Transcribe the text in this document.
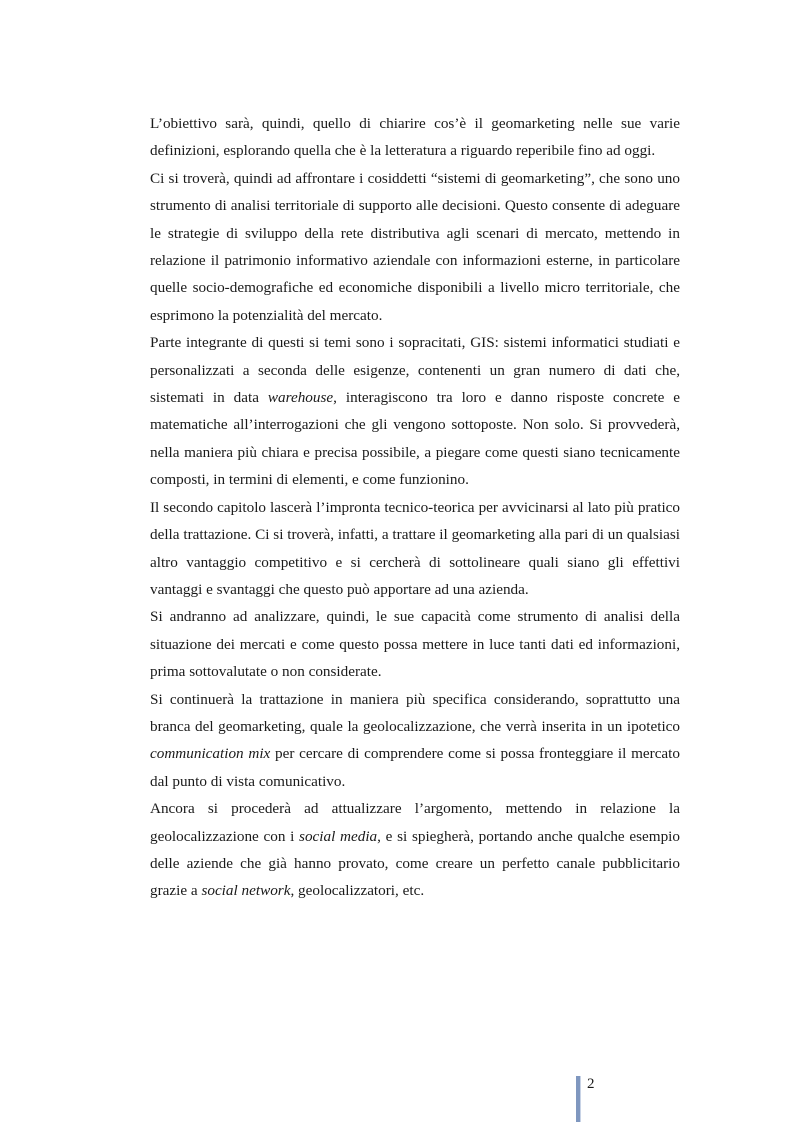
L’obiettivo sarà, quindi, quello di chiarire cos’è il geomarketing nelle sue varie definizioni, esplorando quella che è la letteratura a riguardo reperibile fino ad oggi.

Ci si troverà, quindi ad affrontare i cosiddetti “sistemi di geomarketing”, che sono uno strumento di analisi territoriale di supporto alle decisioni. Questo consente di adeguare le strategie di sviluppo della rete distributiva agli scenari di mercato, mettendo in relazione il patrimonio informativo aziendale con informazioni esterne, in particolare quelle socio-demografiche ed economiche disponibili a livello micro territoriale, che esprimono la potenzialità del mercato.

Parte integrante di questi si temi sono i sopracitati, GIS: sistemi informatici studiati e personalizzati a seconda delle esigenze, contenenti un gran numero di dati che, sistemati in data warehouse, interagiscono tra loro e danno risposte concrete e matematiche all’interrogazioni che gli vengono sottoposte. Non solo. Si provvederà, nella maniera più chiara e precisa possibile, a piegare come questi siano tecnicamente composti, in termini di elementi, e come funzionino.

Il secondo capitolo lascerà l’impronta tecnico-teorica per avvicinarsi al lato più pratico della trattazione. Ci si troverà, infatti, a trattare il geomarketing alla pari di un qualsiasi altro vantaggio competitivo e si cercherà di sottolineare quali siano gli effettivi vantaggi e svantaggi che questo può apportare ad una azienda.

Si andranno ad analizzare, quindi, le sue capacità come strumento di analisi della situazione dei mercati e come questo possa mettere in luce tanti dati ed informazioni, prima sottovalutate o non considerate.

Si continuerà la trattazione in maniera più specifica considerando, soprattutto una branca del geomarketing, quale la geolocalizzazione, che verrà inserita in un ipotetico communication mix per cercare di comprendere come si possa fronteggiare il mercato dal punto di vista comunicativo.

Ancora si procederà ad attualizzare l’argomento, mettendo in relazione la geolocalizzazione con i social media, e si spiegherà, portando anche qualche esempio delle aziende che già hanno provato, come creare un perfetto canale pubblicitario grazie a social network, geolocalizzatori, etc.

2
